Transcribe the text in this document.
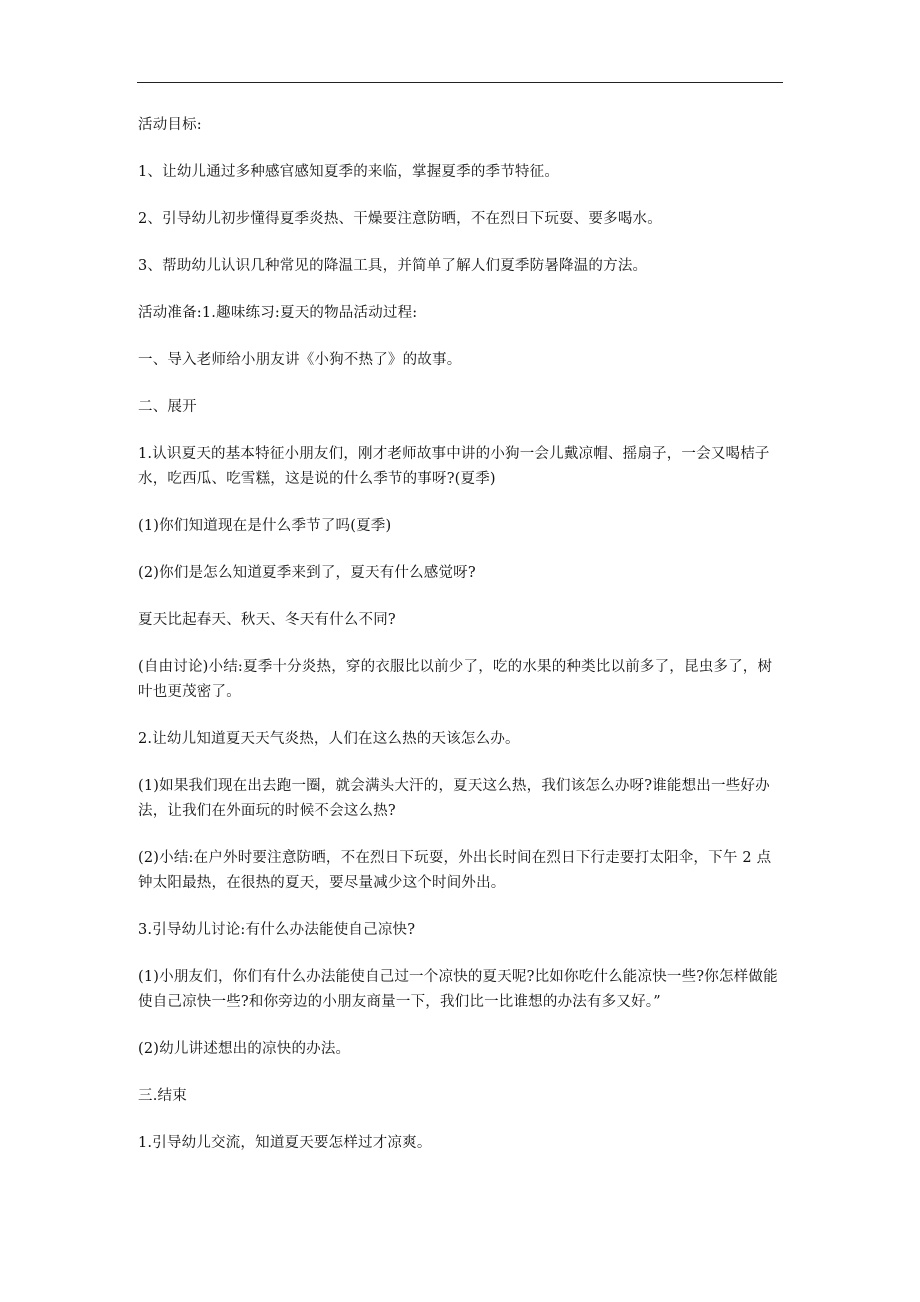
活动目标:

1、让幼儿通过多种感官感知夏季的来临，掌握夏季的季节特征。

2、引导幼儿初步懂得夏季炎热、干燥要注意防晒，不在烈日下玩耍、要多喝水。

3、帮助幼儿认识几种常见的降温工具，并简单了解人们夏季防暑降温的方法。

活动准备:1.趣味练习:夏天的物品活动过程:

一、导入老师给小朋友讲《小狗不热了》的故事。

二、展开

1.认识夏天的基本特征小朋友们，刚才老师故事中讲的小狗一会儿戴凉帽、摇扇子，一会又喝桔子水，吃西瓜、吃雪糕，这是说的什么季节的事呀?(夏季)

(1)你们知道现在是什么季节了吗(夏季)

(2)你们是怎么知道夏季来到了，夏天有什么感觉呀?

夏天比起春天、秋天、冬天有什么不同?

(自由讨论)小结:夏季十分炎热，穿的衣服比以前少了，吃的水果的种类比以前多了，昆虫多了，树叶也更茂密了。

2.让幼儿知道夏天天气炎热，人们在这么热的天该怎么办。

(1)如果我们现在出去跑一圈，就会满头大汗的，夏天这么热，我们该怎么办呀?谁能想出一些好办法，让我们在外面玩的时候不会这么热?

(2)小结:在户外时要注意防晒，不在烈日下玩耍，外出长时间在烈日下行走要打太阳伞，下午 2 点钟太阳最热，在很热的夏天，要尽量减少这个时间外出。

3.引导幼儿讨论:有什么办法能使自己凉快?

(1)小朋友们，你们有什么办法能使自己过一个凉快的夏天呢?比如你吃什么能凉快一些?你怎样做能使自己凉快一些?和你旁边的小朋友商量一下，我们比一比谁想的办法有多又好。”

(2)幼儿讲述想出的凉快的办法。

三.结束

1.引导幼儿交流，知道夏天要怎样过才凉爽。
